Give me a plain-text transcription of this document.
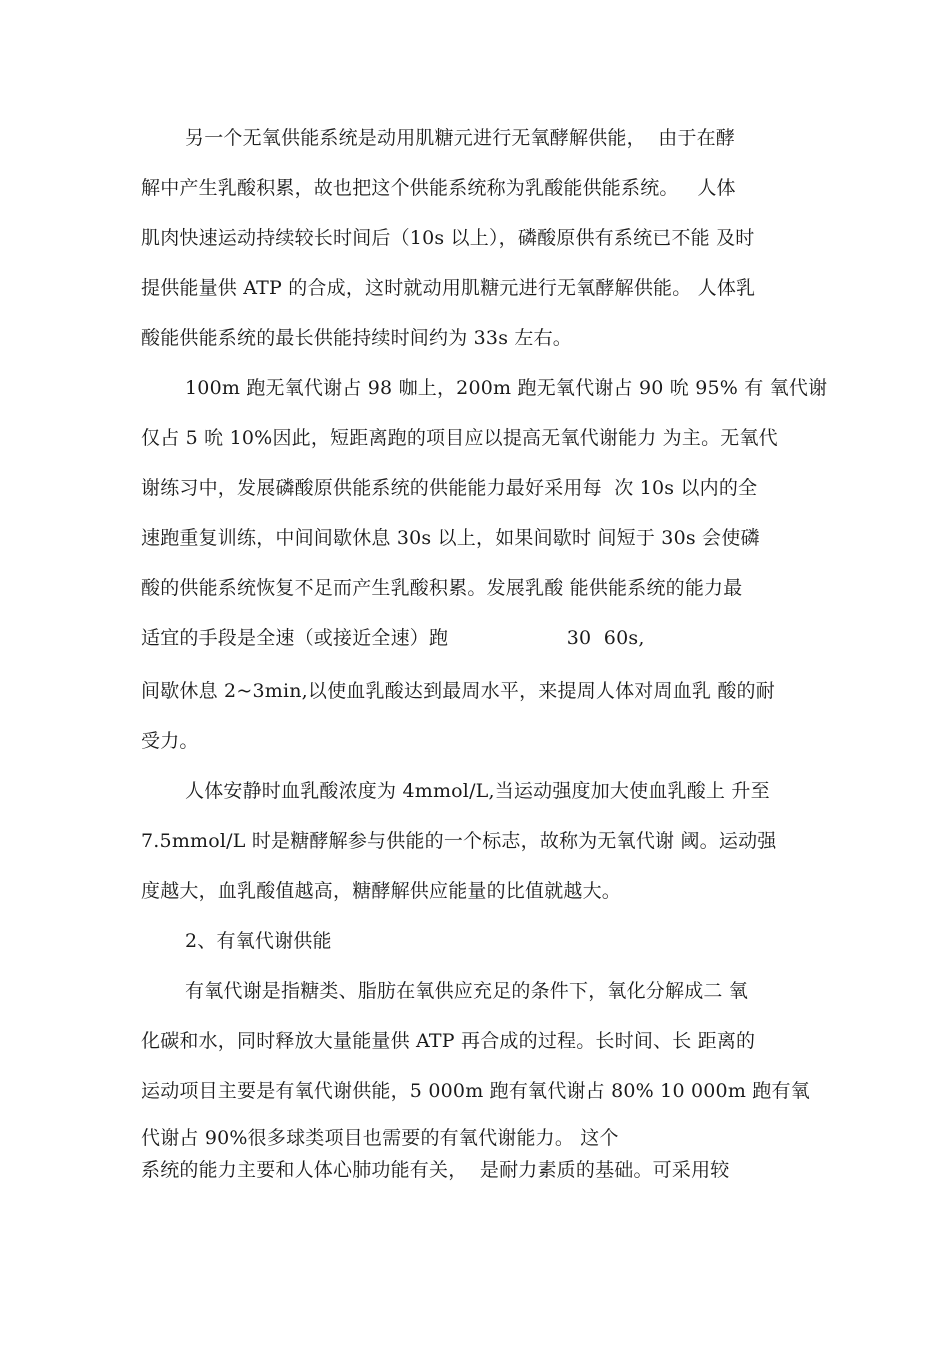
另一个无氧供能系统是动用肌糖元进行无氧酵解供能，  由于在酵
解中产生乳酸积累，故也把这个供能系统称为乳酸能供能系统。   人体
肌肉快速运动持续较长时间后（10s 以上），磷酸原供有系统已不能 及时
提供能量供 ATP 的合成，这时就动用肌糖元进行无氧酵解供能。 人体乳
酸能供能系统的最长供能持续时间约为 33s 左右。
100m 跑无氧代谢占 98 咖上，200m 跑无氧代谢占 90 吮 95% 有 氧代谢
仅占 5 吮 10%因此，短距离跑的项目应以提高无氧代谢能力 为主。无氧代
谢练习中，发展磷酸原供能系统的供能能力最好采用每  次 10s 以内的全
速跑重复训练，中间间歇休息 30s 以上，如果间歇时 间短于 30s 会使磷
酸的供能系统恢复不足而产生乳酸积累。发展乳酸 能供能系统的能力最
适宜的手段是全速（或接近全速）跑                   30  60s,
间歇休息 2~3min,以使血乳酸达到最周水平，来提周人体对周血乳 酸的耐
受力。
人体安静时血乳酸浓度为 4mmol/L,当运动强度加大使血乳酸上 升至
7.5mmol/L 时是糖酵解参与供能的一个标志，故称为无氧代谢 阈。运动强
度越大，血乳酸值越高，糖酵解供应能量的比值就越大。
2、有氧代谢供能
有氧代谢是指糖类、脂肪在氧供应充足的条件下，氧化分解成二 氧
化碳和水，同时释放大量能量供 ATP 再合成的过程。长时间、长 距离的
运动项目主要是有氧代谢供能，5 000m 跑有氧代谢占 80% 10 000m 跑有氧
代谢占 90%很多球类项目也需要的有氧代谢能力。 这个
系统的能力主要和人体心肺功能有关，  是耐力素质的基础。可采用较
